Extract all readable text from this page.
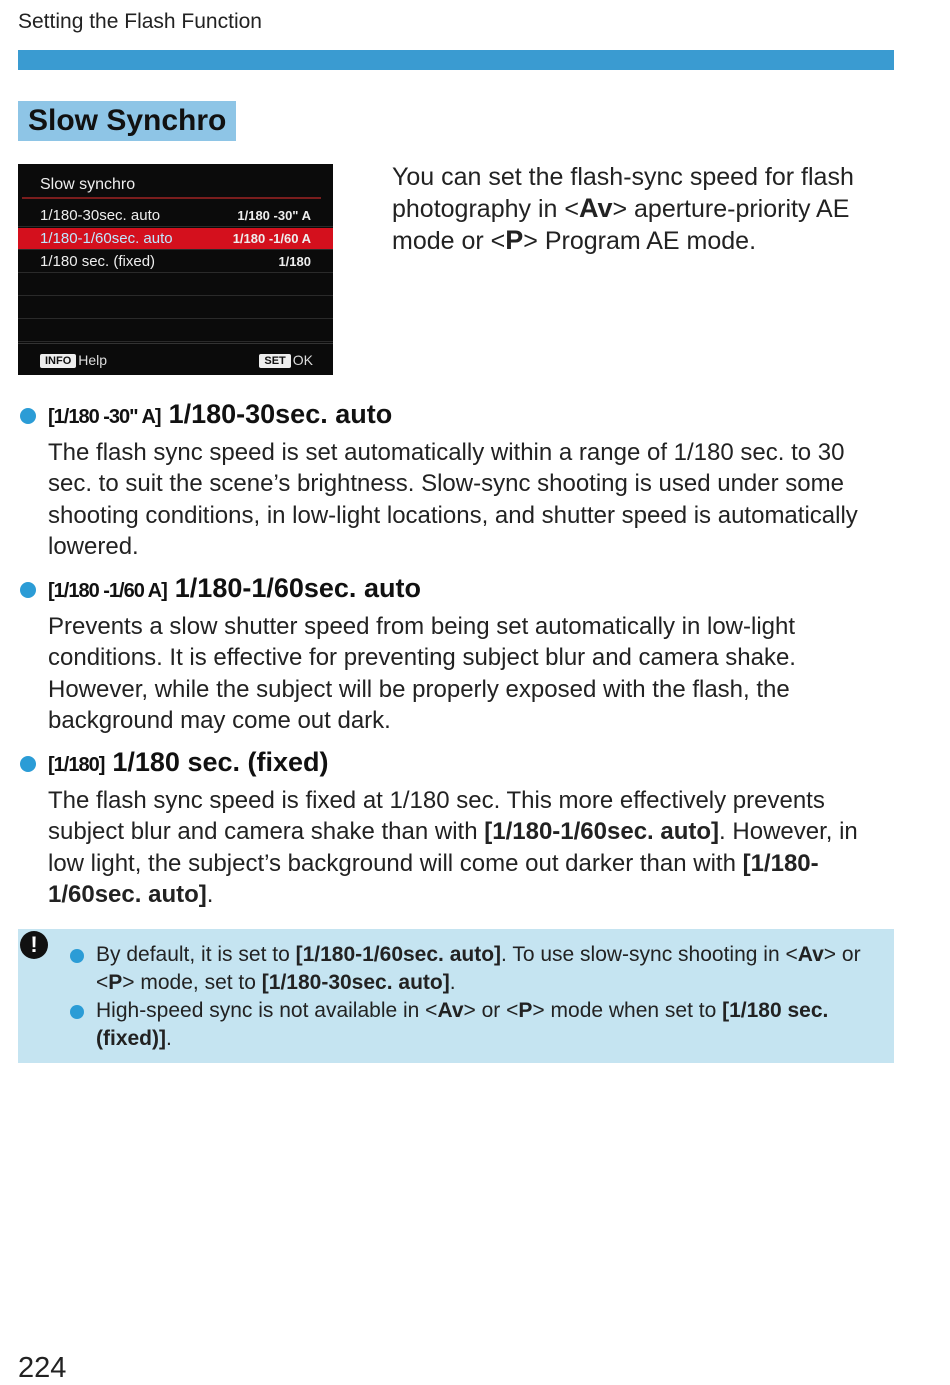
Setting the Flash Function
Slow Synchro
Slow synchro
1/180-30sec. auto	1/180 -30" A
1/180-1/60sec. auto	1/180 -1/60 A
1/180 sec. (fixed)	1/180
INFO Help	SET OK
You can set the flash-sync speed for flash photography in <Av> aperture-priority AE mode or <P> Program AE mode.
[1/180 -30" A] 1/180-30sec. auto
The flash sync speed is set automatically within a range of 1/180 sec. to 30 sec. to suit the scene’s brightness. Slow-sync shooting is used under some shooting conditions, in low-light locations, and shutter speed is automatically lowered.
[1/180 -1/60 A] 1/180-1/60sec. auto
Prevents a slow shutter speed from being set automatically in low-light conditions. It is effective for preventing subject blur and camera shake. However, while the subject will be properly exposed with the flash, the background may come out dark.
[1/180] 1/180 sec. (fixed)
The flash sync speed is fixed at 1/180 sec. This more effectively prevents subject blur and camera shake than with [1/180-1/60sec. auto]. However, in low light, the subject’s background will come out darker than with [1/180-1/60sec. auto].
!	By default, it is set to [1/180-1/60sec. auto]. To use slow-sync shooting in <Av> or <P> mode, set to [1/180-30sec. auto].
High-speed sync is not available in <Av> or <P> mode when set to [1/180 sec. (fixed)].
224
